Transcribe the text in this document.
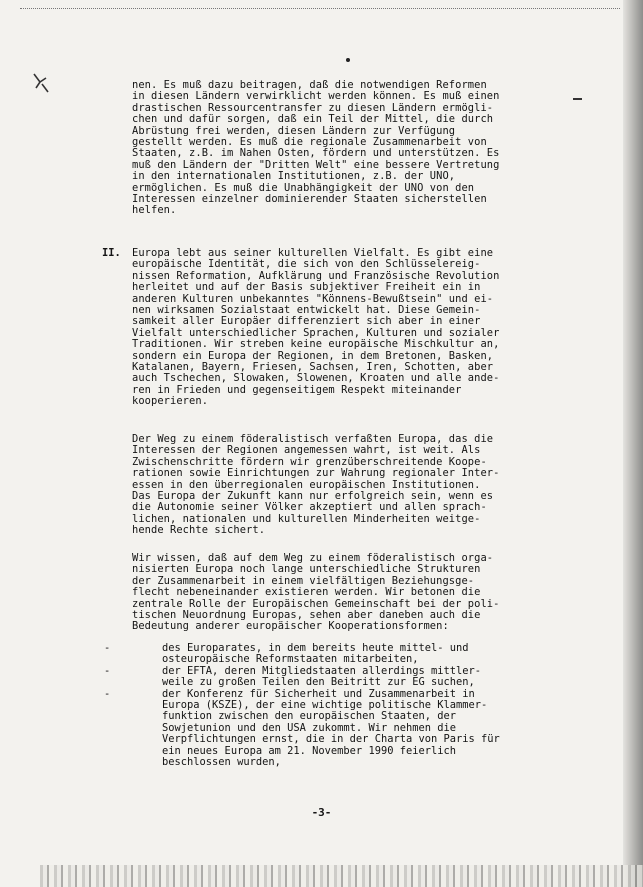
nen. Es muß dazu beitragen, daß die notwendigen Reformen
in diesen Ländern verwirklicht werden können. Es muß einen
drastischen Ressourcentransfer zu diesen Ländern ermögli-
chen und dafür sorgen, daß ein Teil der Mittel, die durch
Abrüstung frei werden, diesen Ländern zur Verfügung
gestellt werden. Es muß die regionale Zusammenarbeit von
Staaten, z.B. im Nahen Osten, fördern und unterstützen. Es
muß den Ländern der "Dritten Welt" eine bessere Vertretung
in den internationalen Institutionen, z.B. der UNO,
ermöglichen. Es muß die Unabhängigkeit der UNO von den
Interessen einzelner dominierender Staaten sicherstellen
helfen.
II. Europa lebt aus seiner kulturellen Vielfalt. Es gibt eine
europäische Identität, die sich von den Schlüsselereig-
nissen Reformation, Aufklärung und Französische Revolution
herleitet und auf der Basis subjektiver Freiheit ein in
anderen Kulturen unbekanntes "Könnens-Bewußtsein" und ei-
nen wirksamen Sozialstaat entwickelt hat. Diese Gemein-
samkeit aller Europäer differenziert sich aber in einer
Vielfalt unterschiedlicher Sprachen, Kulturen und sozialer
Traditionen. Wir streben keine europäische Mischkultur an,
sondern ein Europa der Regionen, in dem Bretonen, Basken,
Katalanen, Bayern, Friesen, Sachsen, Iren, Schotten, aber
auch Tschechen, Slowaken, Slowenen, Kroaten und alle ande-
ren in Frieden und gegenseitigem Respekt miteinander
kooperieren.
Der Weg zu einem föderalistisch verfaßten Europa, das die
Interessen der Regionen angemessen wahrt, ist weit. Als
Zwischenschritte fördern wir grenzüberschreitende Koope-
rationen sowie Einrichtungen zur Wahrung regionaler Inter-
essen in den überregionalen europäischen Institutionen.
Das Europa der Zukunft kann nur erfolgreich sein, wenn es
die Autonomie seiner Völker akzeptiert und allen sprach-
lichen, nationalen und kulturellen Minderheiten weitge-
hende Rechte sichert.
Wir wissen, daß auf dem Weg zu einem föderalistisch orga-
nisierten Europa noch lange unterschiedliche Strukturen
der Zusammenarbeit in einem vielfältigen Beziehungsge-
flecht nebeneinander existieren werden. Wir betonen die
zentrale Rolle der Europäischen Gemeinschaft bei der poli-
tischen Neuordnung Europas, sehen aber daneben auch die
Bedeutung anderer europäischer Kooperationsformen:
-	des Europarates, in dem bereits heute mittel- und
osteuropäische Reformstaaten mitarbeiten,
-	der EFTA, deren Mitgliedstaaten allerdings mittler-
weile zu großen Teilen den Beitritt zur EG suchen,
-	der Konferenz für Sicherheit und Zusammenarbeit in
Europa (KSZE), der eine wichtige politische Klammer-
funktion zwischen den europäischen Staaten, der
Sowjetunion und den USA zukommt. Wir nehmen die
Verpflichtungen ernst, die in der Charta von Paris für
ein neues Europa am 21. November 1990 feierlich
beschlossen wurden,
-3-
